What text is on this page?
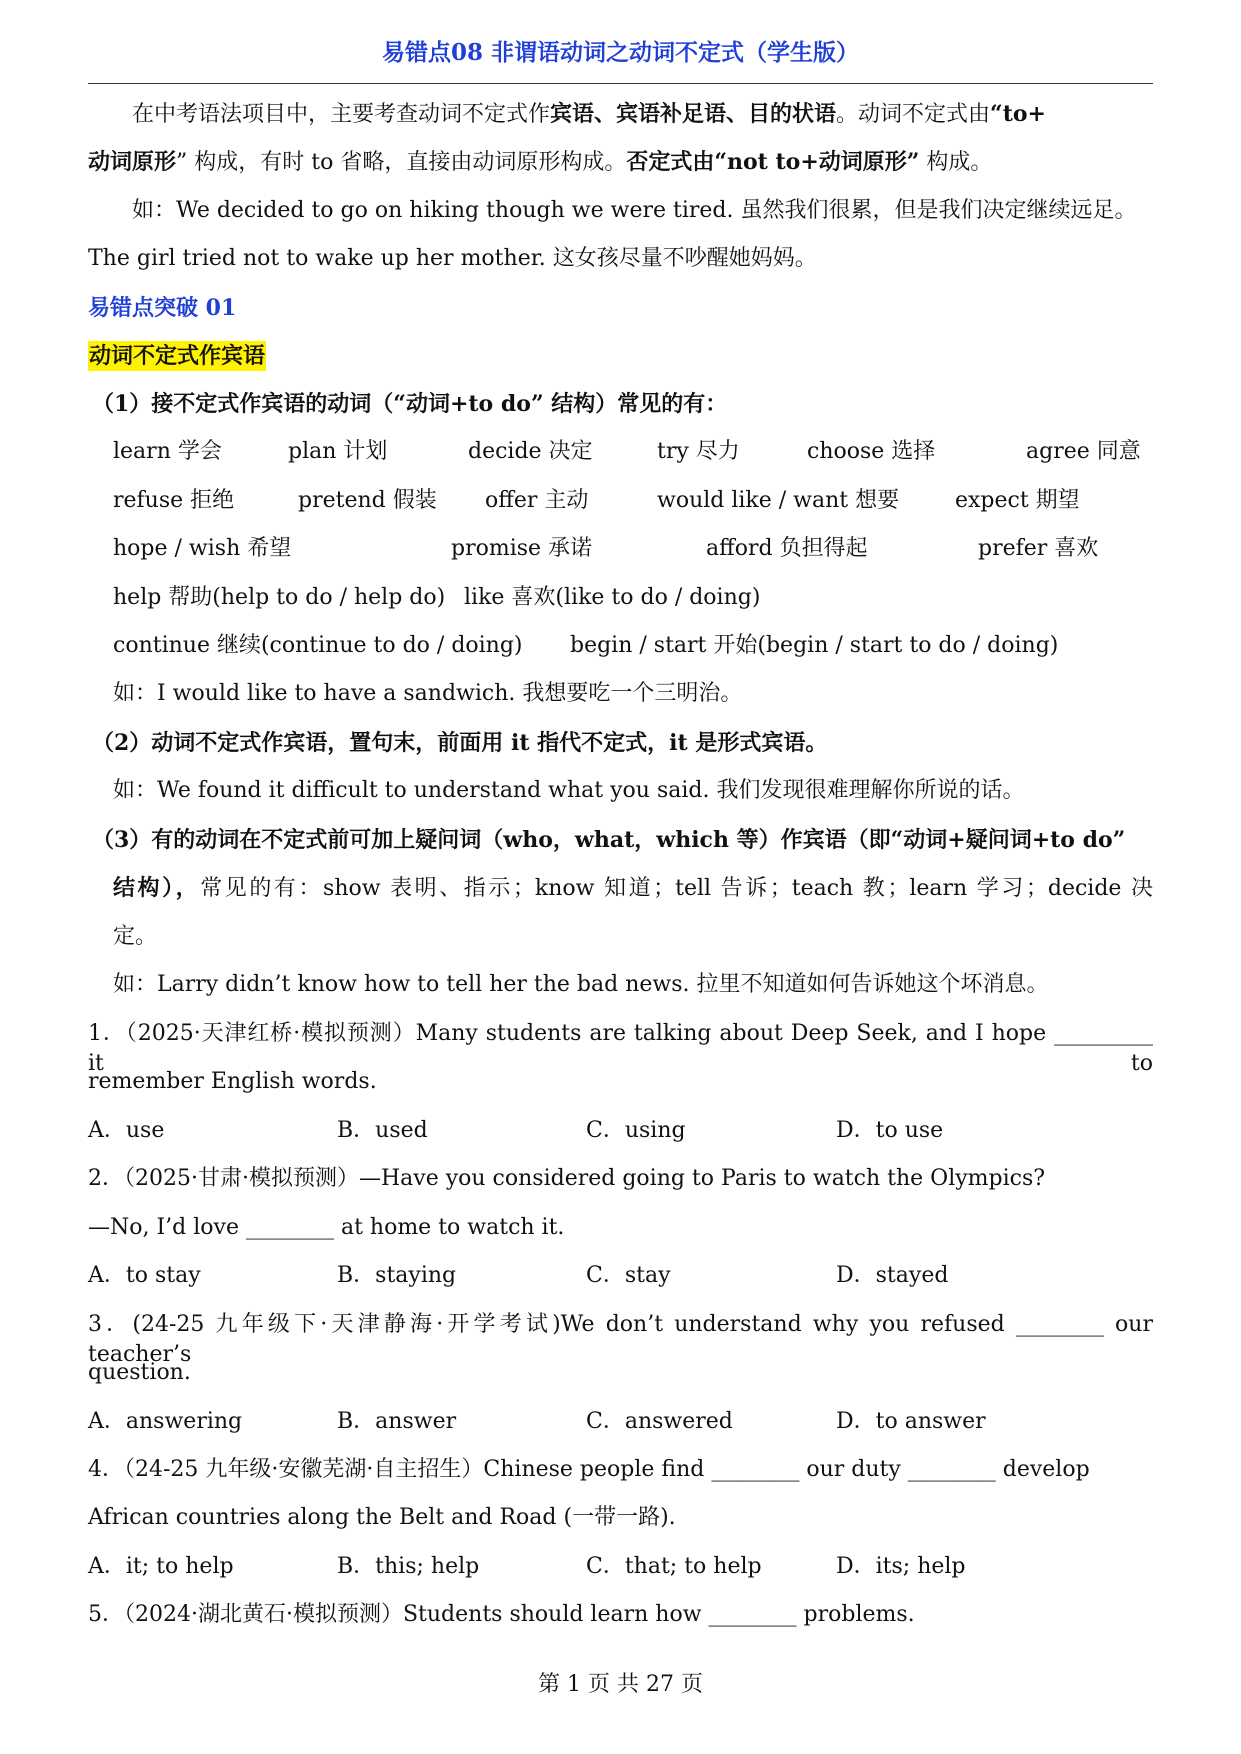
易错点08 非谓语动词之动词不定式（学生版）
在中考语法项目中，主要考查动词不定式作宾语、宾语补足语、目的状语。动词不定式由“to+
动词原形” 构成，有时 to 省略，直接由动词原形构成。否定式由“not to+动词原形” 构成。
如：We decided to go on hiking though we were tired. 虽然我们很累，但是我们决定继续远足。
The girl tried not to wake up her mother. 这女孩尽量不吵醒她妈妈。
易错点突破 01
动词不定式作宾语
（1）接不定式作宾语的动词（“动词+to do” 结构）常见的有：
learn 学会	plan 计划	decide 决定	try 尽力	choose 选择	agree 同意
refuse 拒绝	pretend 假装 offer 主动	would like / want 想要	expect 期望
hope / wish 希望	promise 承诺	afford 负担得起	prefer 喜欢
help 帮助(help to do / help do) like 喜欢(like to do / doing)
continue 继续(continue to do / doing) begin / start 开始(begin / start to do / doing)
如：I would like to have a sandwich. 我想要吃一个三明治。
（2）动词不定式作宾语，置句末，前面用 it 指代不定式，it 是形式宾语。
如：We found it difficult to understand what you said. 我们发现很难理解你所说的话。
（3）有的动词在不定式前可加上疑问词（who，what，which 等）作宾语（即“动词+疑问词+to do”
结构），常见的有：show 表明、指示；know 知道；tell 告诉；teach 教；learn 学习；decide 决
定。
如：Larry didn’t know how to tell her the bad news. 拉里不知道如何告诉她这个坏消息。
1．（2025·天津红桥·模拟预测）Many students are talking about Deep Seek, and I hope _________ it to
remember English words.
A．use	B．used	C．using	D．to use
2．（2025·甘肃·模拟预测）—Have you considered going to Paris to watch the Olympics?
—No, I’d love ________ at home to watch it.
A．to stay	B．staying	C．stay	D．stayed
3．(24-25 九年级下·天津静海·开学考试)We don’t understand why you refused ________ our teacher’s
question.
A．answering	B．answer	C．answered	D．to answer
4．（24-25 九年级·安徽芜湖·自主招生）Chinese people find ________ our duty ________ develop
African countries along the Belt and Road (一带一路).
A．it; to help	B．this; help	C．that; to help	D．its; help
5．（2024·湖北黄石·模拟预测）Students should learn how ________ problems.
第 1 页 共 27 页
